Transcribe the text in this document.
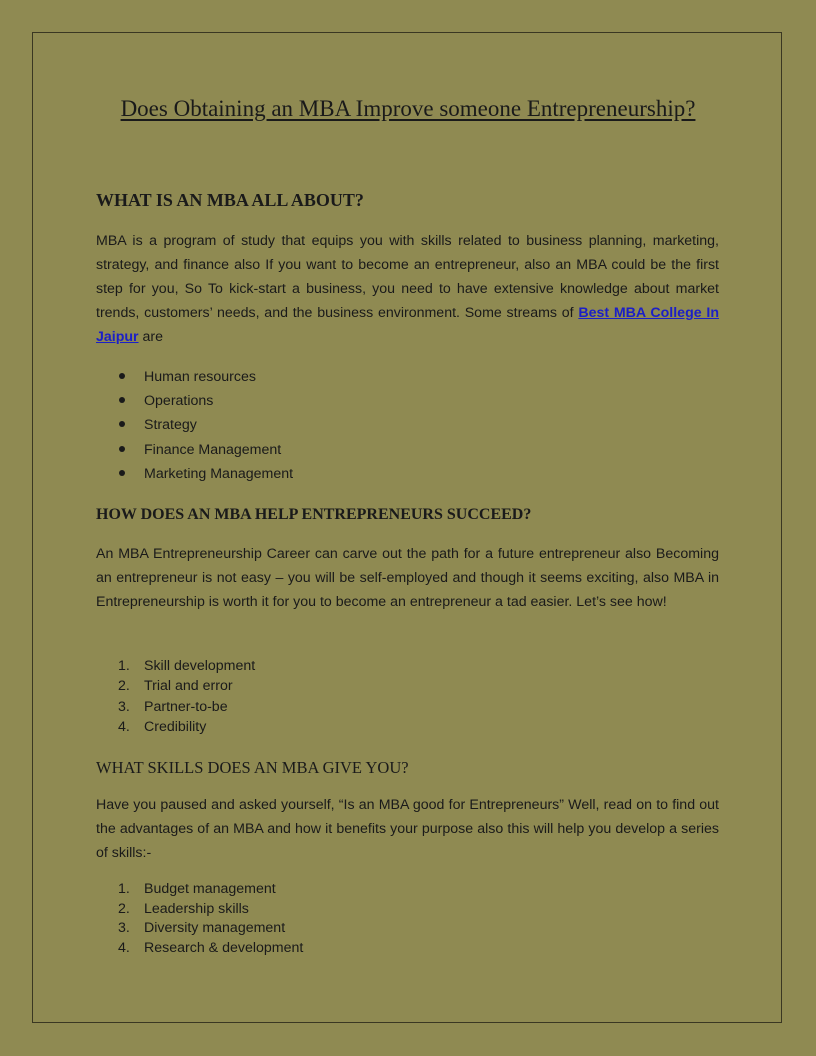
Does Obtaining an MBA Improve someone Entrepreneurship?
WHAT IS AN MBA ALL ABOUT?
MBA is a program of study that equips you with skills related to business planning, marketing, strategy, and finance also If you want to become an entrepreneur, also an MBA could be the first step for you, So To kick-start a business, you need to have extensive knowledge about market trends, customers’ needs, and the business environment. Some streams of Best MBA College In Jaipur are
Human resources
Operations
Strategy
Finance Management
Marketing Management
HOW DOES AN MBA HELP ENTREPRENEURS SUCCEED?
An MBA Entrepreneurship Career can carve out the path for a future entrepreneur also Becoming an entrepreneur is not easy – you will be self-employed and though it seems exciting, also MBA in Entrepreneurship is worth it for you to become an entrepreneur a tad easier. Let’s see how!
1. Skill development
2. Trial and error
3. Partner-to-be
4. Credibility
WHAT SKILLS DOES AN MBA GIVE YOU?
Have you paused and asked yourself, “Is an MBA good for Entrepreneurs” Well, read on to find out the advantages of an MBA and how it benefits your purpose also this will help you develop a series of skills:-
1. Budget management
2. Leadership skills
3. Diversity management
4. Research & development
